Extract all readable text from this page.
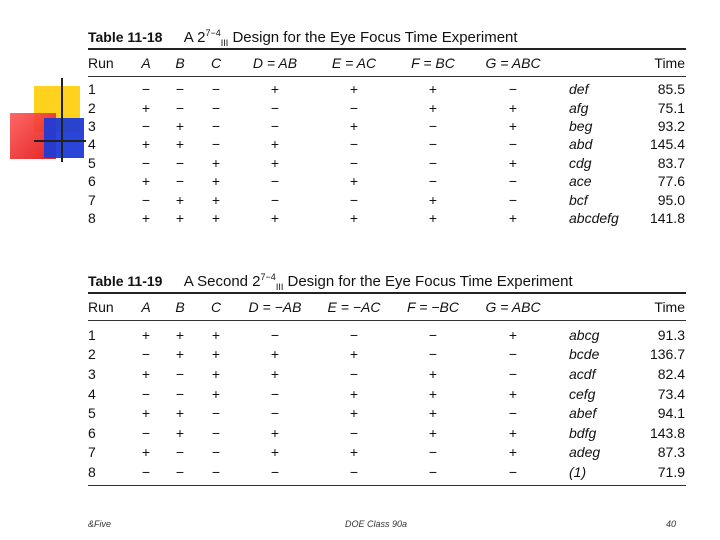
Table 11-18 A $2^{7-4}_{III}$ Design for the Eye Focus Time Experiment
Run A B C D = AB E = AC	F = BC G = ABC	Time
1	− − −	+	+	+	−	def	85.5
2	+ − −	−	−	+	+	afg	75.1
3	− + −	−	+	−	+	beg	93.2
4	+ + −	+	−	−	−	abd	145.4
5	− − +	+	−	−	+	cdg	83.7
6	+ − +	−	+	−	−	ace	77.6
7	− + +	−	−	+	−	bcf	95.0
8	+ + +	+	+	+	+	abcdefg 141.8
Table 11-19 A Second $2^{7-4}_{III}$ Design for the Eye Focus Time Experiment
Run A B C D = −AB E = −AC F = −BC G = ABC	Time
1	+ + +	−	−	−	+	abcg	91.3
2	− + +	+	+	−	−	bcde	136.7
3	+ − +	+	−	+	−	acdf	82.4
4	− − +	−	+	+	+	cefg	73.4
5	+ + −	−	+	+	−	abef	94.1
6	− + −	+	−	+	+	bdfg	143.8
7	+ − −	+	+	−	+	adeg	87.3
8	− − −	−	−	−	−	(1)	71.9
&Five	DOE Class 90a	40
